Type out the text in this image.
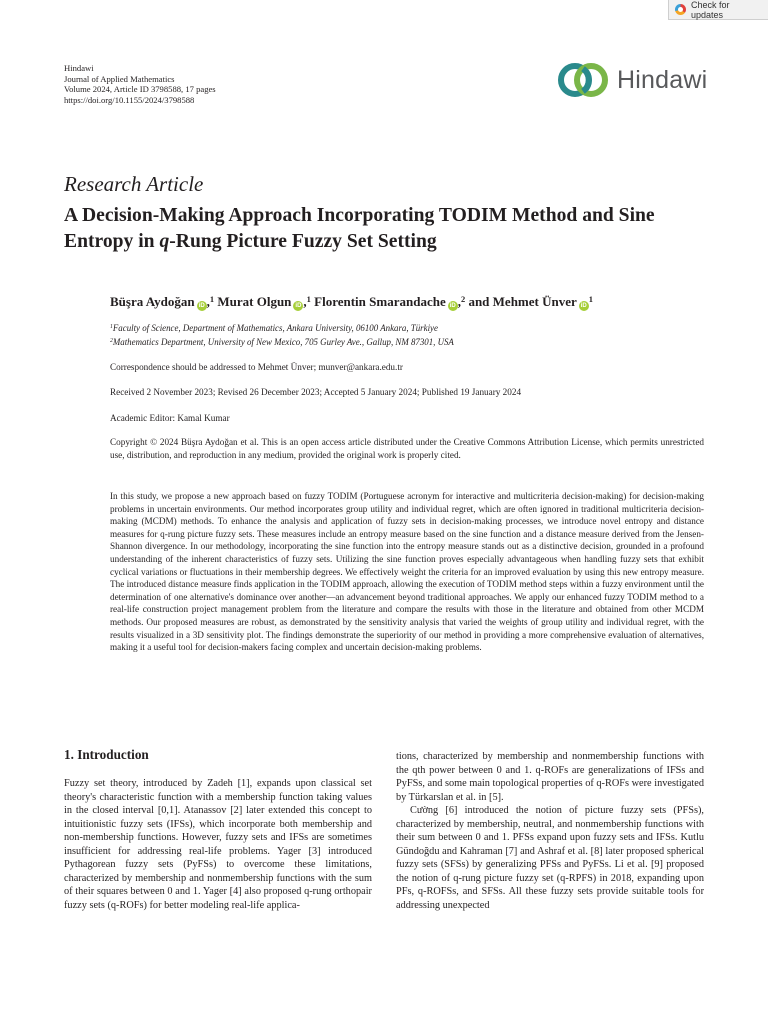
Check for updates
Hindawi
Journal of Applied Mathematics
Volume 2024, Article ID 3798588, 17 pages
https://doi.org/10.1155/2024/3798588
Hindawi
Research Article
A Decision-Making Approach Incorporating TODIM Method and Sine Entropy in q-Rung Picture Fuzzy Set Setting
Büşra Aydoğan iD ,$^1$ Murat Olgun iD ,$^1$ Florentin Smarandache iD ,$^2$ and Mehmet Ünver $iD^1$
$^1$Faculty of Science, Department of Mathematics, Ankara University, 06100 Ankara, Türkiye
$^2$Mathematics Department, University of New Mexico, 705 Gurley Ave., Gallup, NM 87301, USA
Correspondence should be addressed to Mehmet Ünver; munver@ankara.edu.tr
Received 2 November 2023; Revised 26 December 2023; Accepted 5 January 2024; Published 19 January 2024
Academic Editor: Kamal Kumar

Copyright © 2024 Büşra Aydoğan et al. This is an open access article distributed under the Creative Commons Attribution License, which permits unrestricted use, distribution, and reproduction in any medium, provided the original work is properly cited.

In this study, we propose a new approach based on fuzzy TODIM (Portuguese acronym for interactive and multicriteria decision-making) for decision-making problems in uncertain environments. Our method incorporates group utility and individual regret, which are often ignored in traditional multicriteria decision-making (MCDM) methods. To enhance the analysis and application of fuzzy sets in decision-making processes, we introduce novel entropy and distance measures for q-rung picture fuzzy sets. These measures include an entropy measure based on the sine function and a distance measure derived from the Jensen-Shannon divergence. In our methodology, incorporating the sine function into the entropy measure stands out as a distinctive decision, grounded in a profound understanding of the inherent characteristics of fuzzy sets. Utilizing the sine function proves especially advantageous when handling fuzzy sets that exhibit cyclical variations or fluctuations in their membership degrees. We effectively weight the criteria for an improved evaluation by using this new entropy measure. The introduced distance measure finds application in the TODIM approach, allowing the execution of TODIM method steps within a fuzzy environment until the determination of one alternative's dominance over another—an advancement beyond traditional approaches. We apply our enhanced fuzzy TODIM method to a real-life construction project management problem from the literature and compare the results with those in the literature and obtained from other MCDM methods. Our proposed measures are robust, as demonstrated by the sensitivity analysis that varied the weights of group utility and individual regret, with the results visualized in a 3D sensitivity plot. The findings demonstrate the superiority of our method in providing a more comprehensive evaluation of alternatives, making it a useful tool for decision-makers facing complex and uncertain decision-making problems.

1. Introduction

Fuzzy set theory, introduced by Zadeh [1], expands upon classical set theory's characteristic function with a membership function taking values in the closed interval [0,1]. Atanassov [2] later extended this concept to intuitionistic fuzzy sets (IFSs), which incorporate both membership and non-membership functions. However, fuzzy sets and IFSs are sometimes insufficient for addressing real-life problems. Yager [3] introduced Pythagorean fuzzy sets (PyFSs) to overcome these limitations, characterized by membership and nonmembership functions with the sum of their squares between 0 and 1. Yager [4] also proposed q-rung orthopair fuzzy sets (q-ROFs) for better modeling real-life applica-

tions, characterized by membership and nonmembership functions with the qth power between 0 and 1. q-ROFs are generalizations of IFSs and PyFSs, and some main topological properties of q-ROFs were investigated by Türkarslan et al. in [5].

Cường [6] introduced the notion of picture fuzzy sets (PFSs), characterized by membership, neutral, and nonmembership functions with their sum between 0 and 1. PFSs expand upon fuzzy sets and IFSs. Kutlu Gündoğdu and Kahraman [7] and Ashraf et al. [8] later proposed spherical fuzzy sets (SFSs) by generalizing PFSs and PyFSs. Li et al. [9] proposed the notion of q-rung picture fuzzy set (q-RPFS) in 2018, expanding upon PFs, q-ROFSs, and SFSs. All these fuzzy sets provide suitable tools for addressing unexpected
